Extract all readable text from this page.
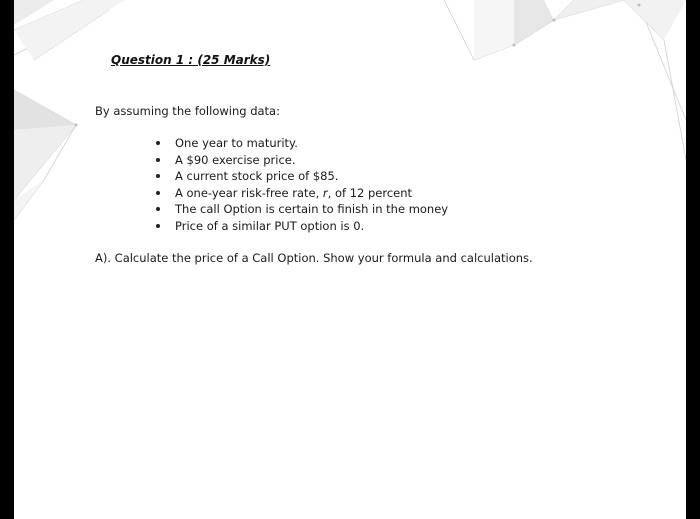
Question 1 : (25 Marks)

By assuming the following data:

One year to maturity.
A $90 exercise price.
A current stock price of $85.
A one-year risk-free rate, r, of 12 percent
The call Option is certain to finish in the money
Price of a similar PUT option is 0.

A). Calculate the price of a Call Option. Show your formula and calculations.
